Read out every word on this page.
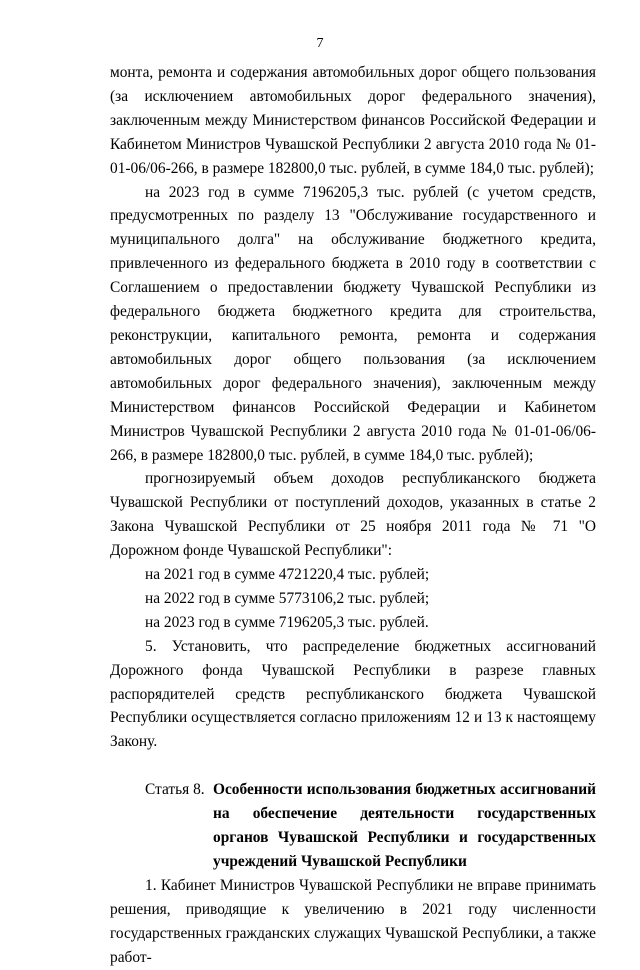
7

монта, ремонта и содержания автомобильных дорог общего пользования (за исключением автомобильных дорог федерального значения), заключенным между Министерством финансов Российской Федерации и Кабинетом Министров Чувашской Республики 2 августа 2010 года № 01-01-06/06-266, в размере 182800,0 тыс. рублей, в сумме 184,0 тыс. рублей);

на 2023 год в сумме 7196205,3 тыс. рублей (с учетом средств, предусмотренных по разделу 13 "Обслуживание государственного и муниципального долга" на обслуживание бюджетного кредита, привлеченного из федерального бюджета в 2010 году в соответствии с Соглашением о предоставлении бюджету Чувашской Республики из федерального бюджета бюджетного кредита для строительства, реконструкции, капитального ремонта, ремонта и содержания автомобильных дорог общего пользования (за исключением автомобильных дорог федерального значения), заключенным между Министерством финансов Российской Федерации и Кабинетом Министров Чувашской Республики 2 августа 2010 года № 01-01-06/06-266, в размере 182800,0 тыс. рублей, в сумме 184,0 тыс. рублей);

прогнозируемый объем доходов республиканского бюджета Чувашской Республики от поступлений доходов, указанных в статье 2 Закона Чувашской Республики от 25 ноября 2011 года № 71 "О Дорожном фонде Чувашской Республики":

на 2021 год в сумме 4721220,4 тыс. рублей;

на 2022 год в сумме 5773106,2 тыс. рублей;

на 2023 год в сумме 7196205,3 тыс. рублей.

5. Установить, что распределение бюджетных ассигнований Дорожного фонда Чувашской Республики в разрезе главных распорядителей средств республиканского бюджета Чувашской Республики осуществляется согласно приложениям 12 и 13 к настоящему Закону.

Статья 8. Особенности использования бюджетных ассигнований на обеспечение деятельности государственных органов Чувашской Республики и государственных учреждений Чувашской Республики

1. Кабинет Министров Чувашской Республики не вправе принимать решения, приводящие к увеличению в 2021 году численности государственных гражданских служащих Чувашской Республики, а также работ-
